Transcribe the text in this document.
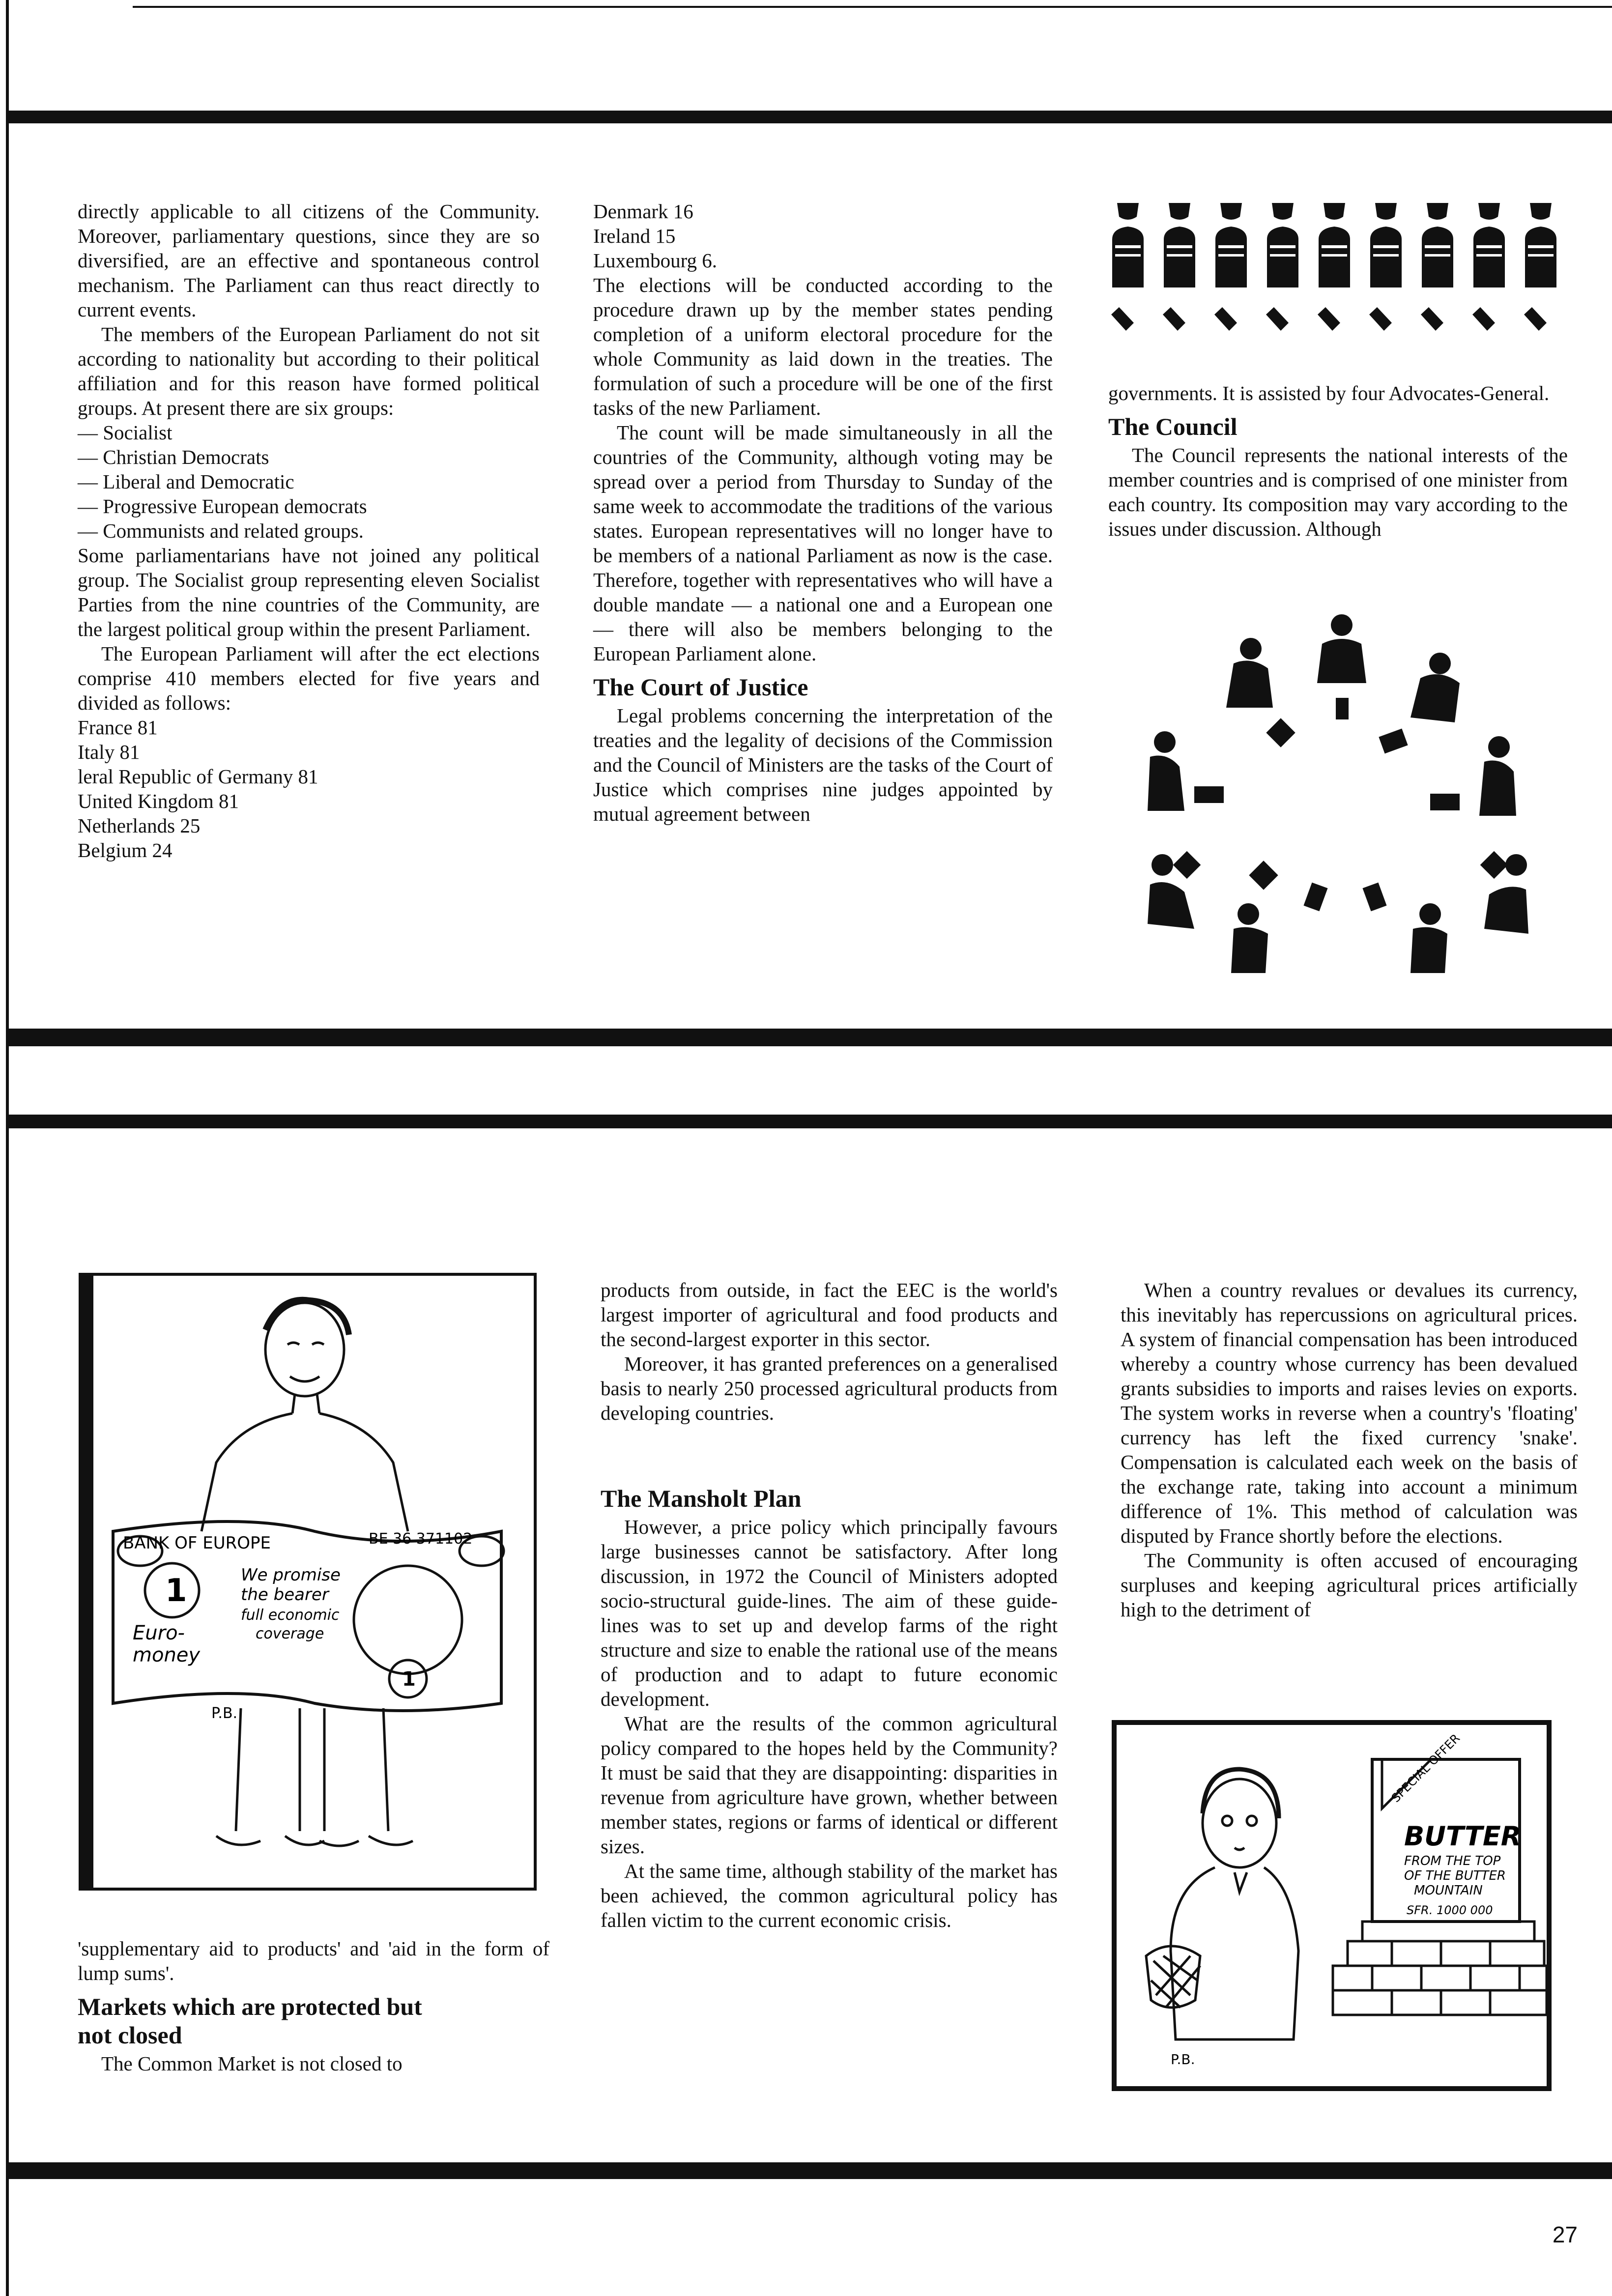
directly applicable to all citizens of the Community. Moreover, parliamentary questions, since they are so diversified, are an effective and spontaneous control mechanism. The Parliament can thus react directly to current events.

The members of the European Parliament do not sit according to nationality but according to their political affiliation and for this reason have formed political groups. At present there are six groups:

— Socialist
— Christian Democrats
— Liberal and Democratic
— Progressive European democrats
— Communists and related groups.

Some parliamentarians have not joined any political group. The Socialist group representing eleven Socialist Parties from the nine countries of the Community, are the largest political group within the present Parliament.

The European Parliament will after the ect elections comprise 410 members elected for five years and divided as follows:

France 81

Italy 81

leral Republic of Germany 81

United Kingdom 81

Netherlands 25

Belgium 24

Denmark 16

Ireland 15

Luxembourg 6.

The elections will be conducted according to the procedure drawn up by the member states pending completion of a uniform electoral procedure for the whole Community as laid down in the treaties. The formulation of such a procedure will be one of the first tasks of the new Parliament.

The count will be made simultaneously in all the countries of the Community, although voting may be spread over a period from Thursday to Sunday of the same week to accommodate the traditions of the various states. European representatives will no longer have to be members of a national Parliament as now is the case. Therefore, together with representatives who will have a double mandate — a national one and a European one — there will also be members belonging to the European Parliament alone.

The Court of Justice

Legal problems concerning the interpretation of the treaties and the legality of decisions of the Commission and the Council of Ministers are the tasks of the Court of Justice which comprises nine judges appointed by mutual agreement between

governments. It is assisted by four Advocates-General.

The Council

The Council represents the national interests of the member countries and is comprised of one minister from each country. Its composition may vary according to the issues under discussion. Although

BANK OF EUROPE	BE 36 371102
1	We promise
the bearer
full economic
coverage
Euro-
money
1
P.B.

'supplementary aid to products' and 'aid in the form of lump sums'.

Markets which are protected but not closed

The Common Market is not closed to

products from outside, in fact the EEC is the world's largest importer of agricultural and food products and the second-largest exporter in this sector.

Moreover, it has granted preferences on a generalised basis to nearly 250 processed agricultural products from developing countries.

The Mansholt Plan

However, a price policy which principally favours large businesses cannot be satisfactory. After long discussion, in 1972 the Council of Ministers adopted socio-structural guide-lines. The aim of these guide-lines was to set up and develop farms of the right structure and size to enable the rational use of the means of production and to adapt to future economic development.

What are the results of the common agricultural policy compared to the hopes held by the Community? It must be said that they are disappointing: disparities in revenue from agriculture have grown, whether between member states, regions or farms of identical or different sizes.

At the same time, although stability of the market has been achieved, the common agricultural policy has fallen victim to the current economic crisis.

When a country revalues or devalues its currency, this inevitably has repercussions on agricultural prices. A system of financial compensation has been introduced whereby a country whose currency has been devalued grants subsidies to imports and raises levies on exports. The system works in reverse when a country's 'floating' currency has left the fixed currency 'snake'. Compensation is calculated each week on the basis of the exchange rate, taking into account a minimum difference of 1%. This method of calculation was disputed by France shortly before the elections.

The Community is often accused of encouraging surpluses and keeping agricultural prices artificially high to the detriment of

SPECIAL OFFER
BUTTER
FROM THE TOP
OF THE BUTTER
MOUNTAIN
SFR. 1000 000
P.B.
27
